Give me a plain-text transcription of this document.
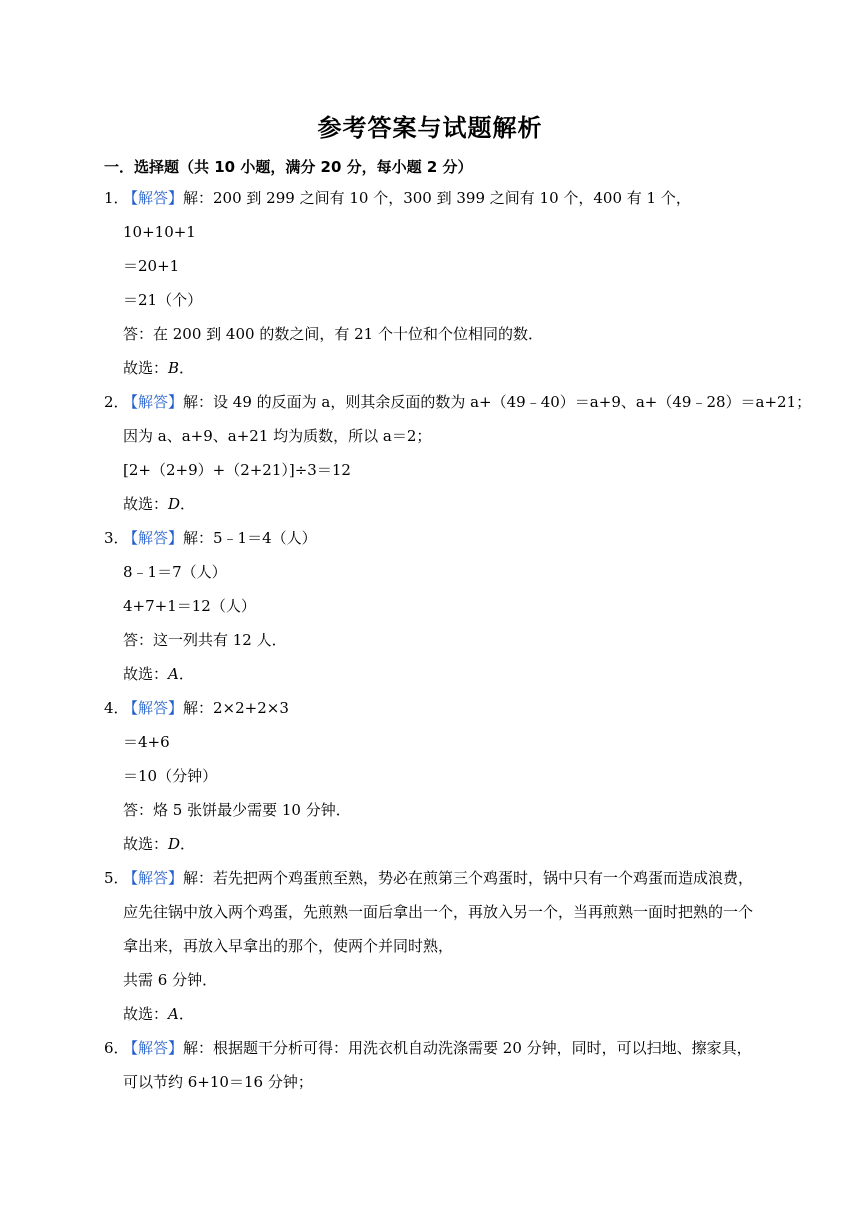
参考答案与试题解析
一．选择题（共 10 小题，满分 20 分，每小题 2 分）
1．【解答】解：200 到 299 之间有 10 个，300 到 399 之间有 10 个，400 有 1 个，
10+10+1
＝20+1
＝21（个）
答：在 200 到 400 的数之间，有 21 个十位和个位相同的数．
故选：B．
2．【解答】解：设 49 的反面为 a，则其余反面的数为 a+（49﹣40）＝a+9、a+（49﹣28）＝a+21；
因为 a、a+9、a+21 均为质数，所以 a＝2；
[2+（2+9）+（2+21）]÷3＝12
故选：D．
3．【解答】解：5﹣1＝4（人）
8﹣1＝7（人）
4+7+1＝12（人）
答：这一列共有 12 人．
故选：A．
4．【解答】解：2×2+2×3
＝4+6
＝10（分钟）
答：烙 5 张饼最少需要 10 分钟．
故选：D．
5．【解答】解：若先把两个鸡蛋煎至熟，势必在煎第三个鸡蛋时，锅中只有一个鸡蛋而造成浪费，
应先往锅中放入两个鸡蛋，先煎熟一面后拿出一个，再放入另一个，当再煎熟一面时把熟的一个
拿出来，再放入早拿出的那个，使两个并同时熟，
共需 6 分钟．
故选：A．
6．【解答】解：根据题干分析可得：用洗衣机自动洗涤需要 20 分钟，同时，可以扫地、擦家具，
可以节约 6+10＝16 分钟；
